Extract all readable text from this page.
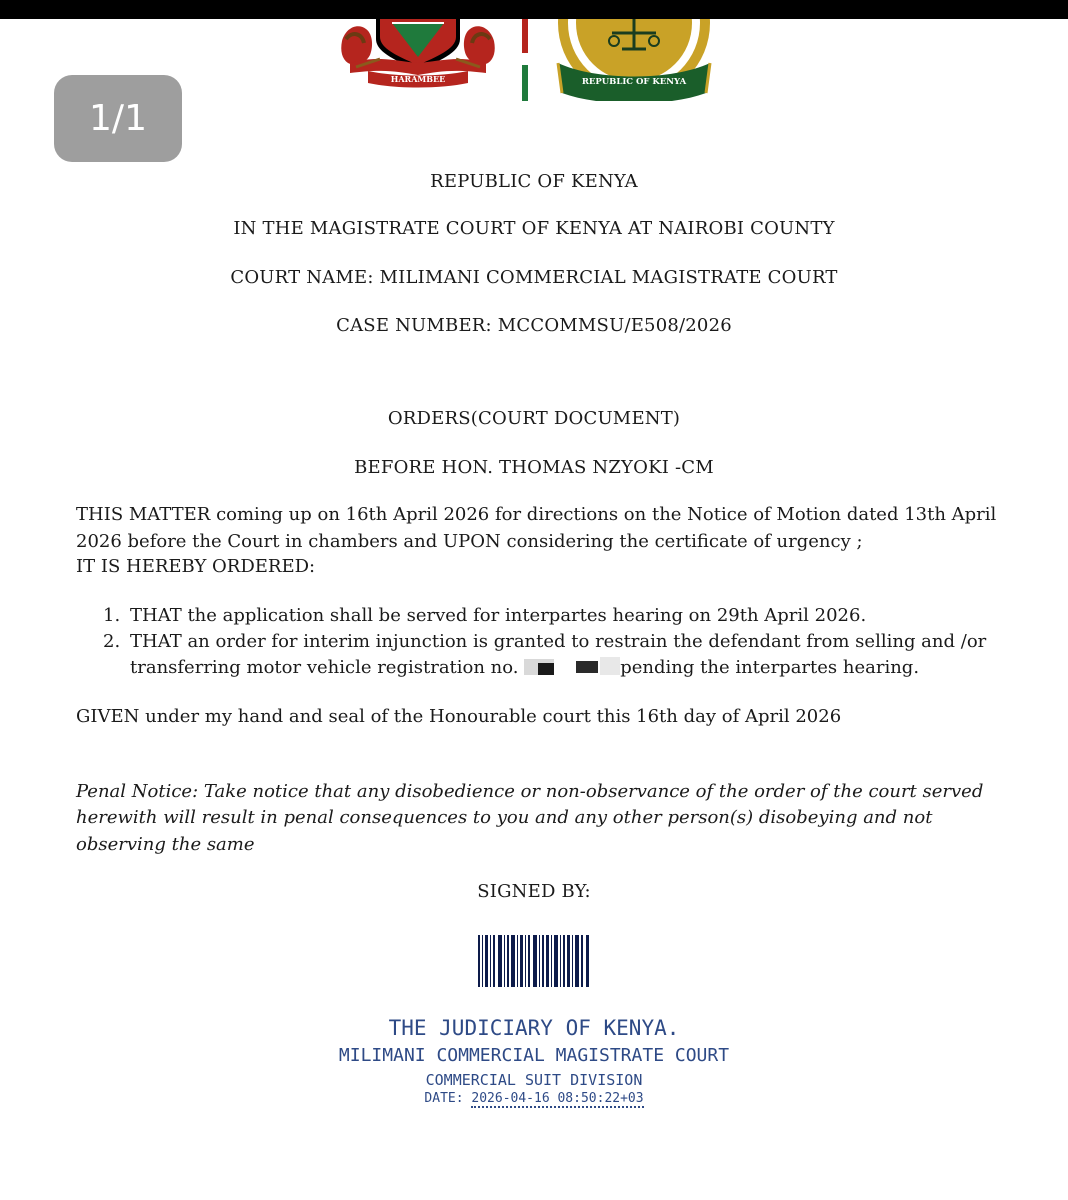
HARAMBEE	REPUBLIC OF KENYA
1/1
REPUBLIC OF KENYA
IN THE MAGISTRATE COURT OF KENYA AT NAIROBI COUNTY
COURT NAME: MILIMANI COMMERCIAL MAGISTRATE COURT
CASE NUMBER: MCCOMMSU/E508/2026
ORDERS(COURT DOCUMENT)
BEFORE HON. THOMAS NZYOKI -CM
THIS MATTER coming up on 16th April 2026 for directions on the Notice of Motion dated 13th April
2026 before the Court in chambers and UPON considering the certificate of urgency ;
IT IS HEREBY ORDERED:
1. THAT the application shall be served for interpartes hearing on 29th April 2026.
2. THAT an order for interim injunction is granted to restrain the defendant from selling and /or
transferring motor vehicle registration no.	pending the interpartes hearing.
GIVEN under my hand and seal of the Honourable court this 16th day of April 2026
Penal Notice: Take notice that any disobedience or non-observance of the order of the court served
herewith will result in penal consequences to you and any other person(s) disobeying and not
observing the same
SIGNED BY:
THE JUDICIARY OF KENYA.
MILIMANI COMMERCIAL MAGISTRATE COURT
COMMERCIAL SUIT DIVISION
DATE: 2026-04-16 08:50:22+03
